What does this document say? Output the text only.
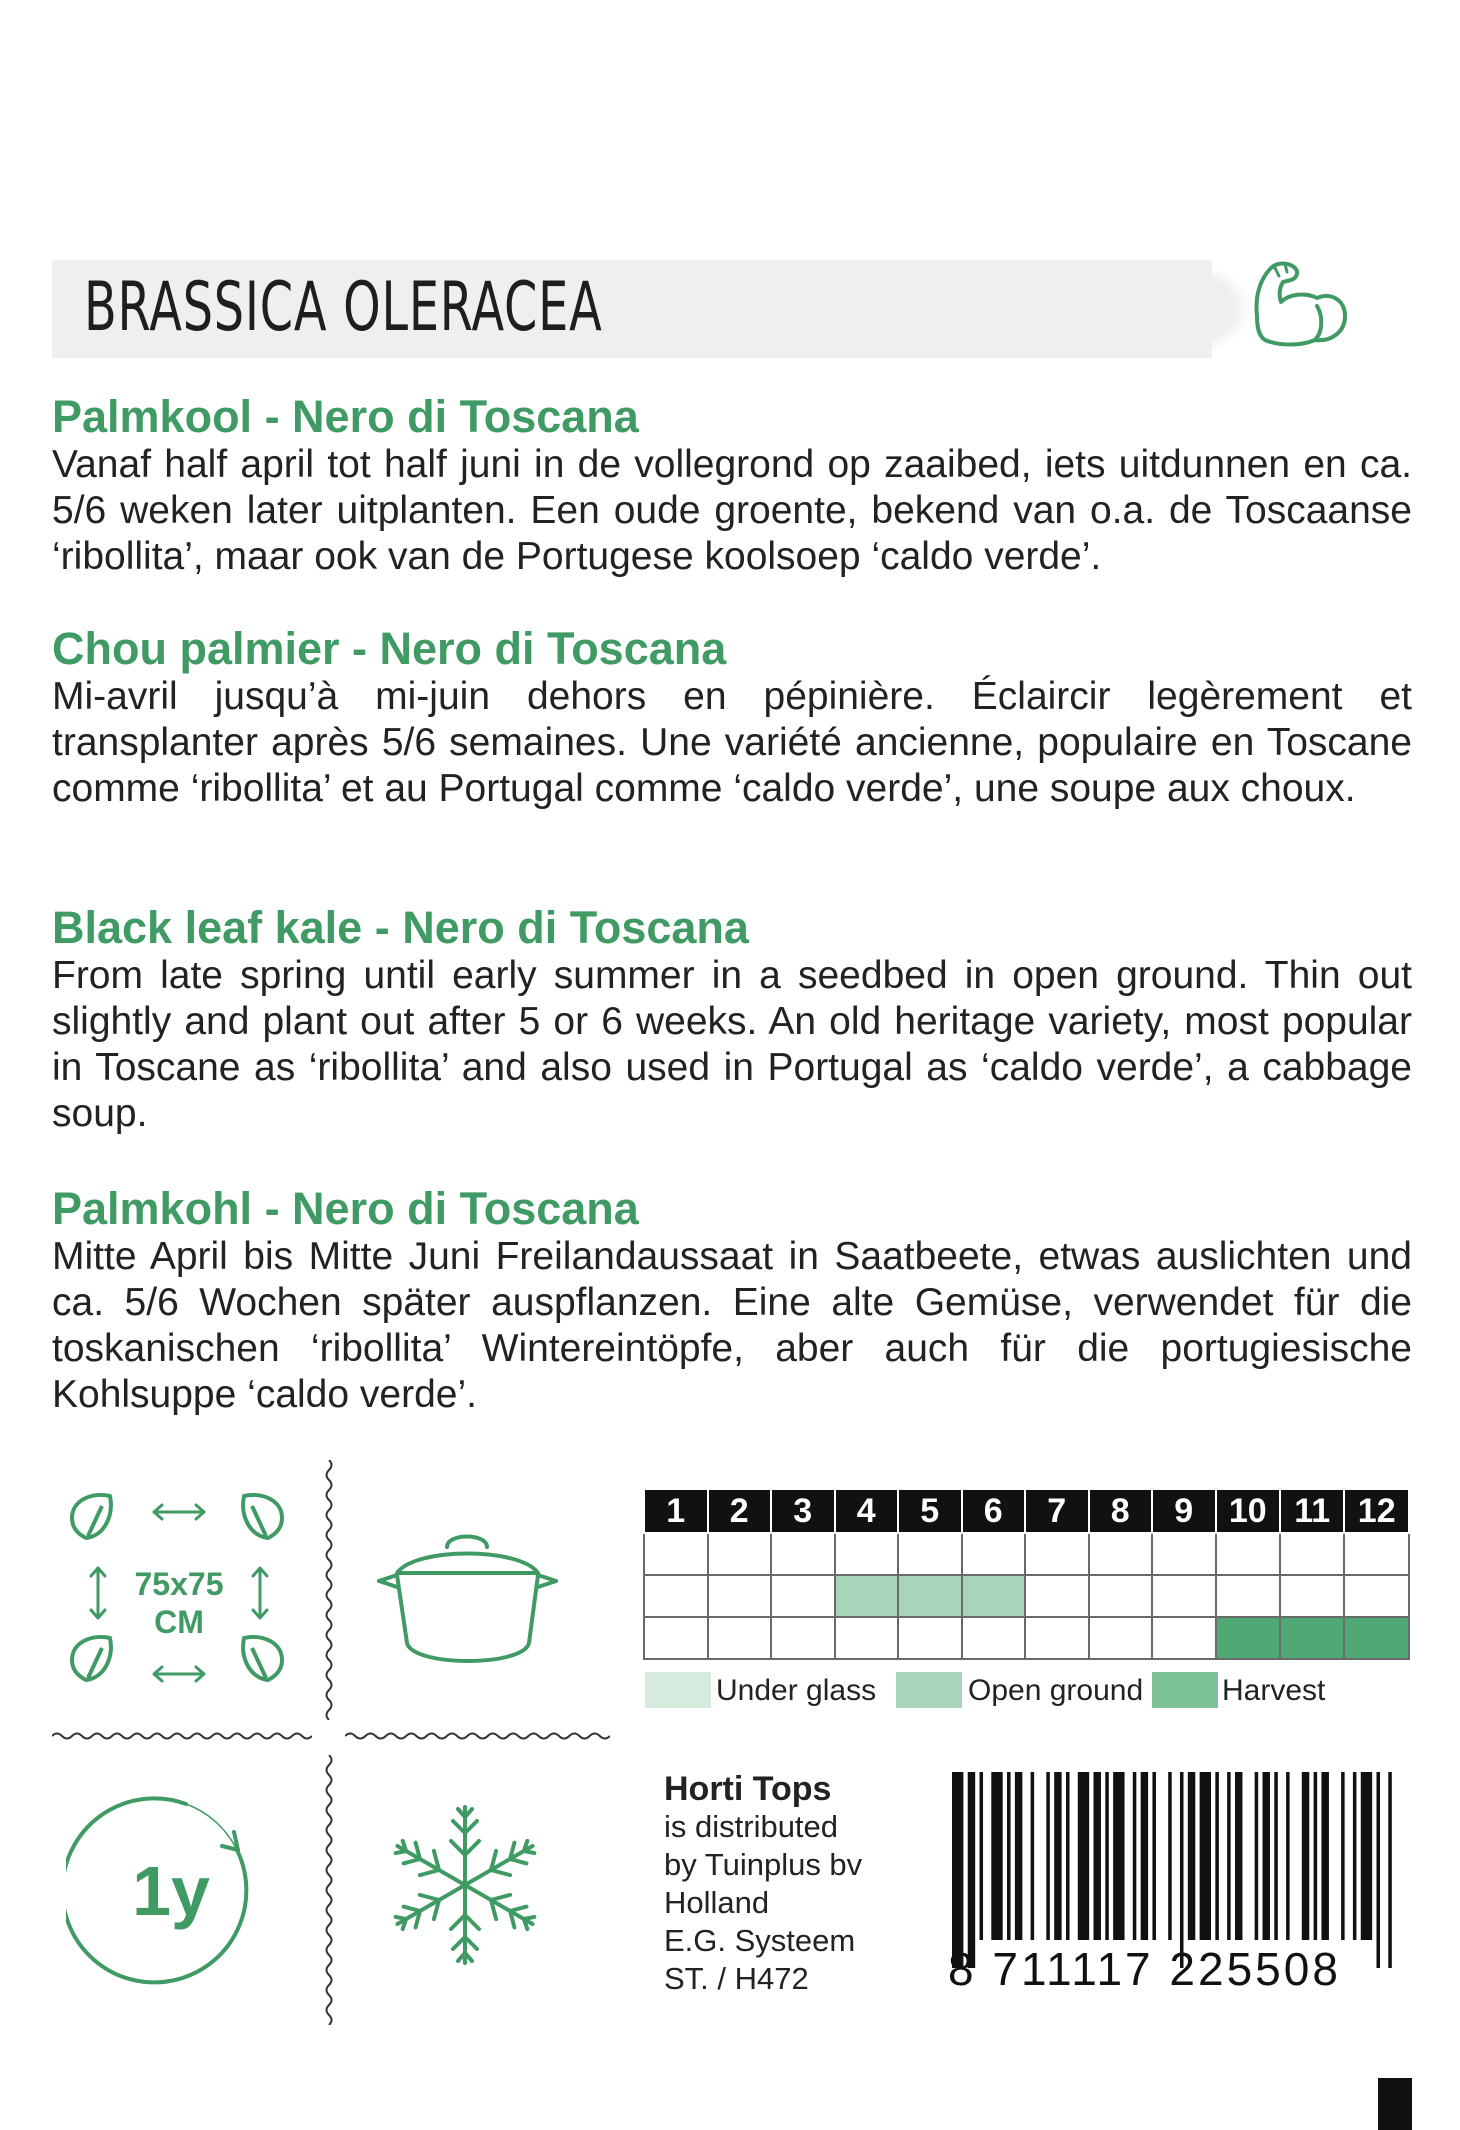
BRASSICA OLERACEA
Palmkool - Nero di Toscana

Vanaf half april tot half juni in de vollegrond op zaaibed, iets uitdunnen en ca. 5/6 weken later uitplanten. Een oude groente, bekend van o.a. de Toscaanse ‘ribollita’, maar ook van de Portugese koolsoep ‘caldo verde’.

Chou palmier - Nero di Toscana

Mi-avril jusqu’à mi-juin dehors en pépinière. Éclaircir legèrement et transplanter après 5/6 semaines. Une variété ancienne, populaire en Toscane comme ‘ribollita’ et au Portugal comme ‘caldo verde’, une soupe aux choux.

Black leaf kale - Nero di Toscana

From late spring until early summer in a seedbed in open ground. Thin out slightly and plant out after 5 or 6 weeks. An old heritage variety, most popular in Toscane as ‘ribollita’ and also used in Portugal as ‘caldo verde’, a cabbage soup.

Palmkohl - Nero di Toscana

Mitte April bis Mitte Juni Freilandaussaat in Saatbeete, etwas auslichten und ca. 5/6 Wochen später auspflanzen. Eine alte Gemüse, verwendet für die toskanischen ‘ribollita’ Wintereintöpfe, aber auch für die portugiesische Kohlsuppe ‘caldo verde’.

75x75
CM
1y
1	2	3	4	5	6	7	8	9	10	11	12

Under glass	Open ground	Harvest
Horti Tops
is distributed
by Tuinplus bv
Holland
E.G. Systeem
ST. / H472	8 711117 225508
